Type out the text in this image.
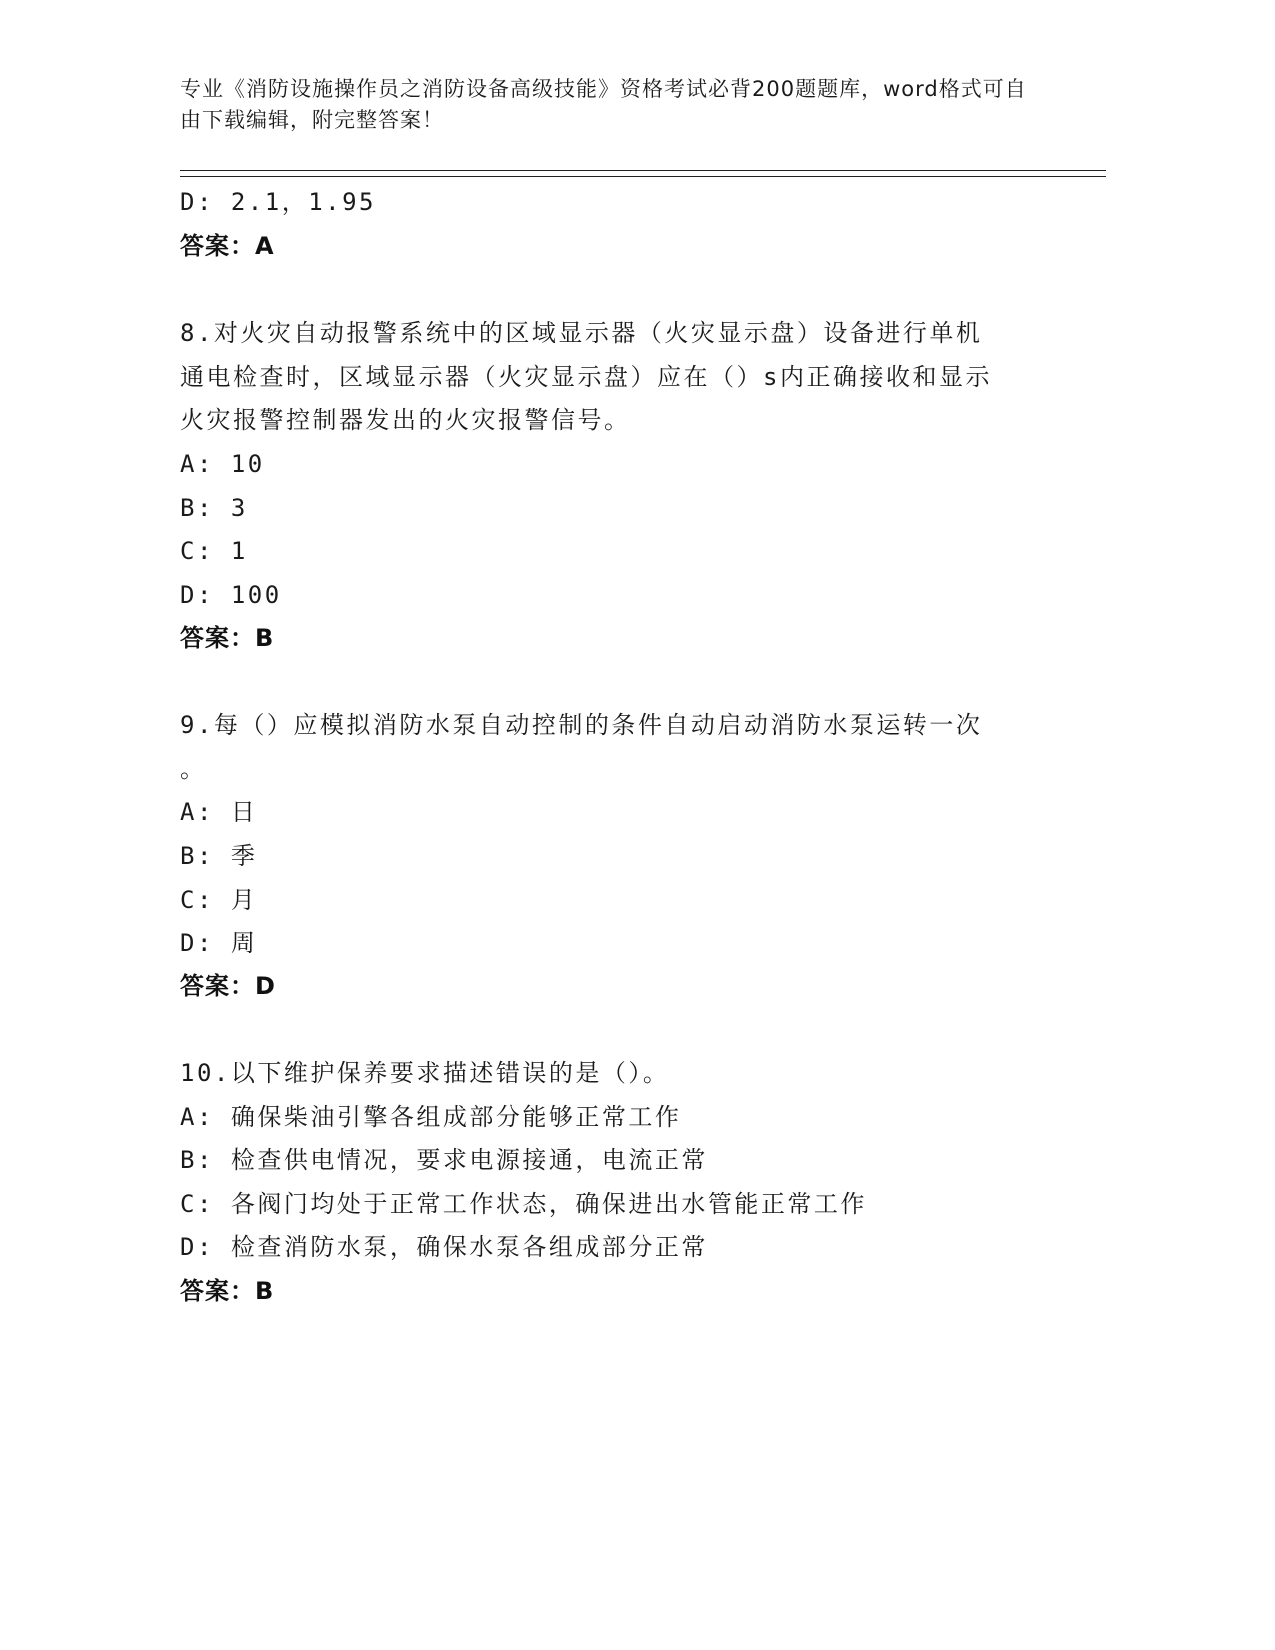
专业《消防设施操作员之消防设备高级技能》资格考试必背200题题库，word格式可自由下载编辑，附完整答案！
D: 2.1，1.95
答案：A
8.对火灾自动报警系统中的区域显示器（火灾显示盘）设备进行单机
通电检查时，区域显示器（火灾显示盘）应在（）s内正确接收和显示
火灾报警控制器发出的火灾报警信号。
A: 10
B: 3
C: 1
D: 100
答案：B
9.每（）应模拟消防水泵自动控制的条件自动启动消防水泵运转一次
。
A: 日
B: 季
C: 月
D: 周
答案：D
10.以下维护保养要求描述错误的是（）。
A: 确保柴油引擎各组成部分能够正常工作
B: 检查供电情况，要求电源接通，电流正常
C: 各阀门均处于正常工作状态，确保进出水管能正常工作
D: 检查消防水泵，确保水泵各组成部分正常
答案：B
